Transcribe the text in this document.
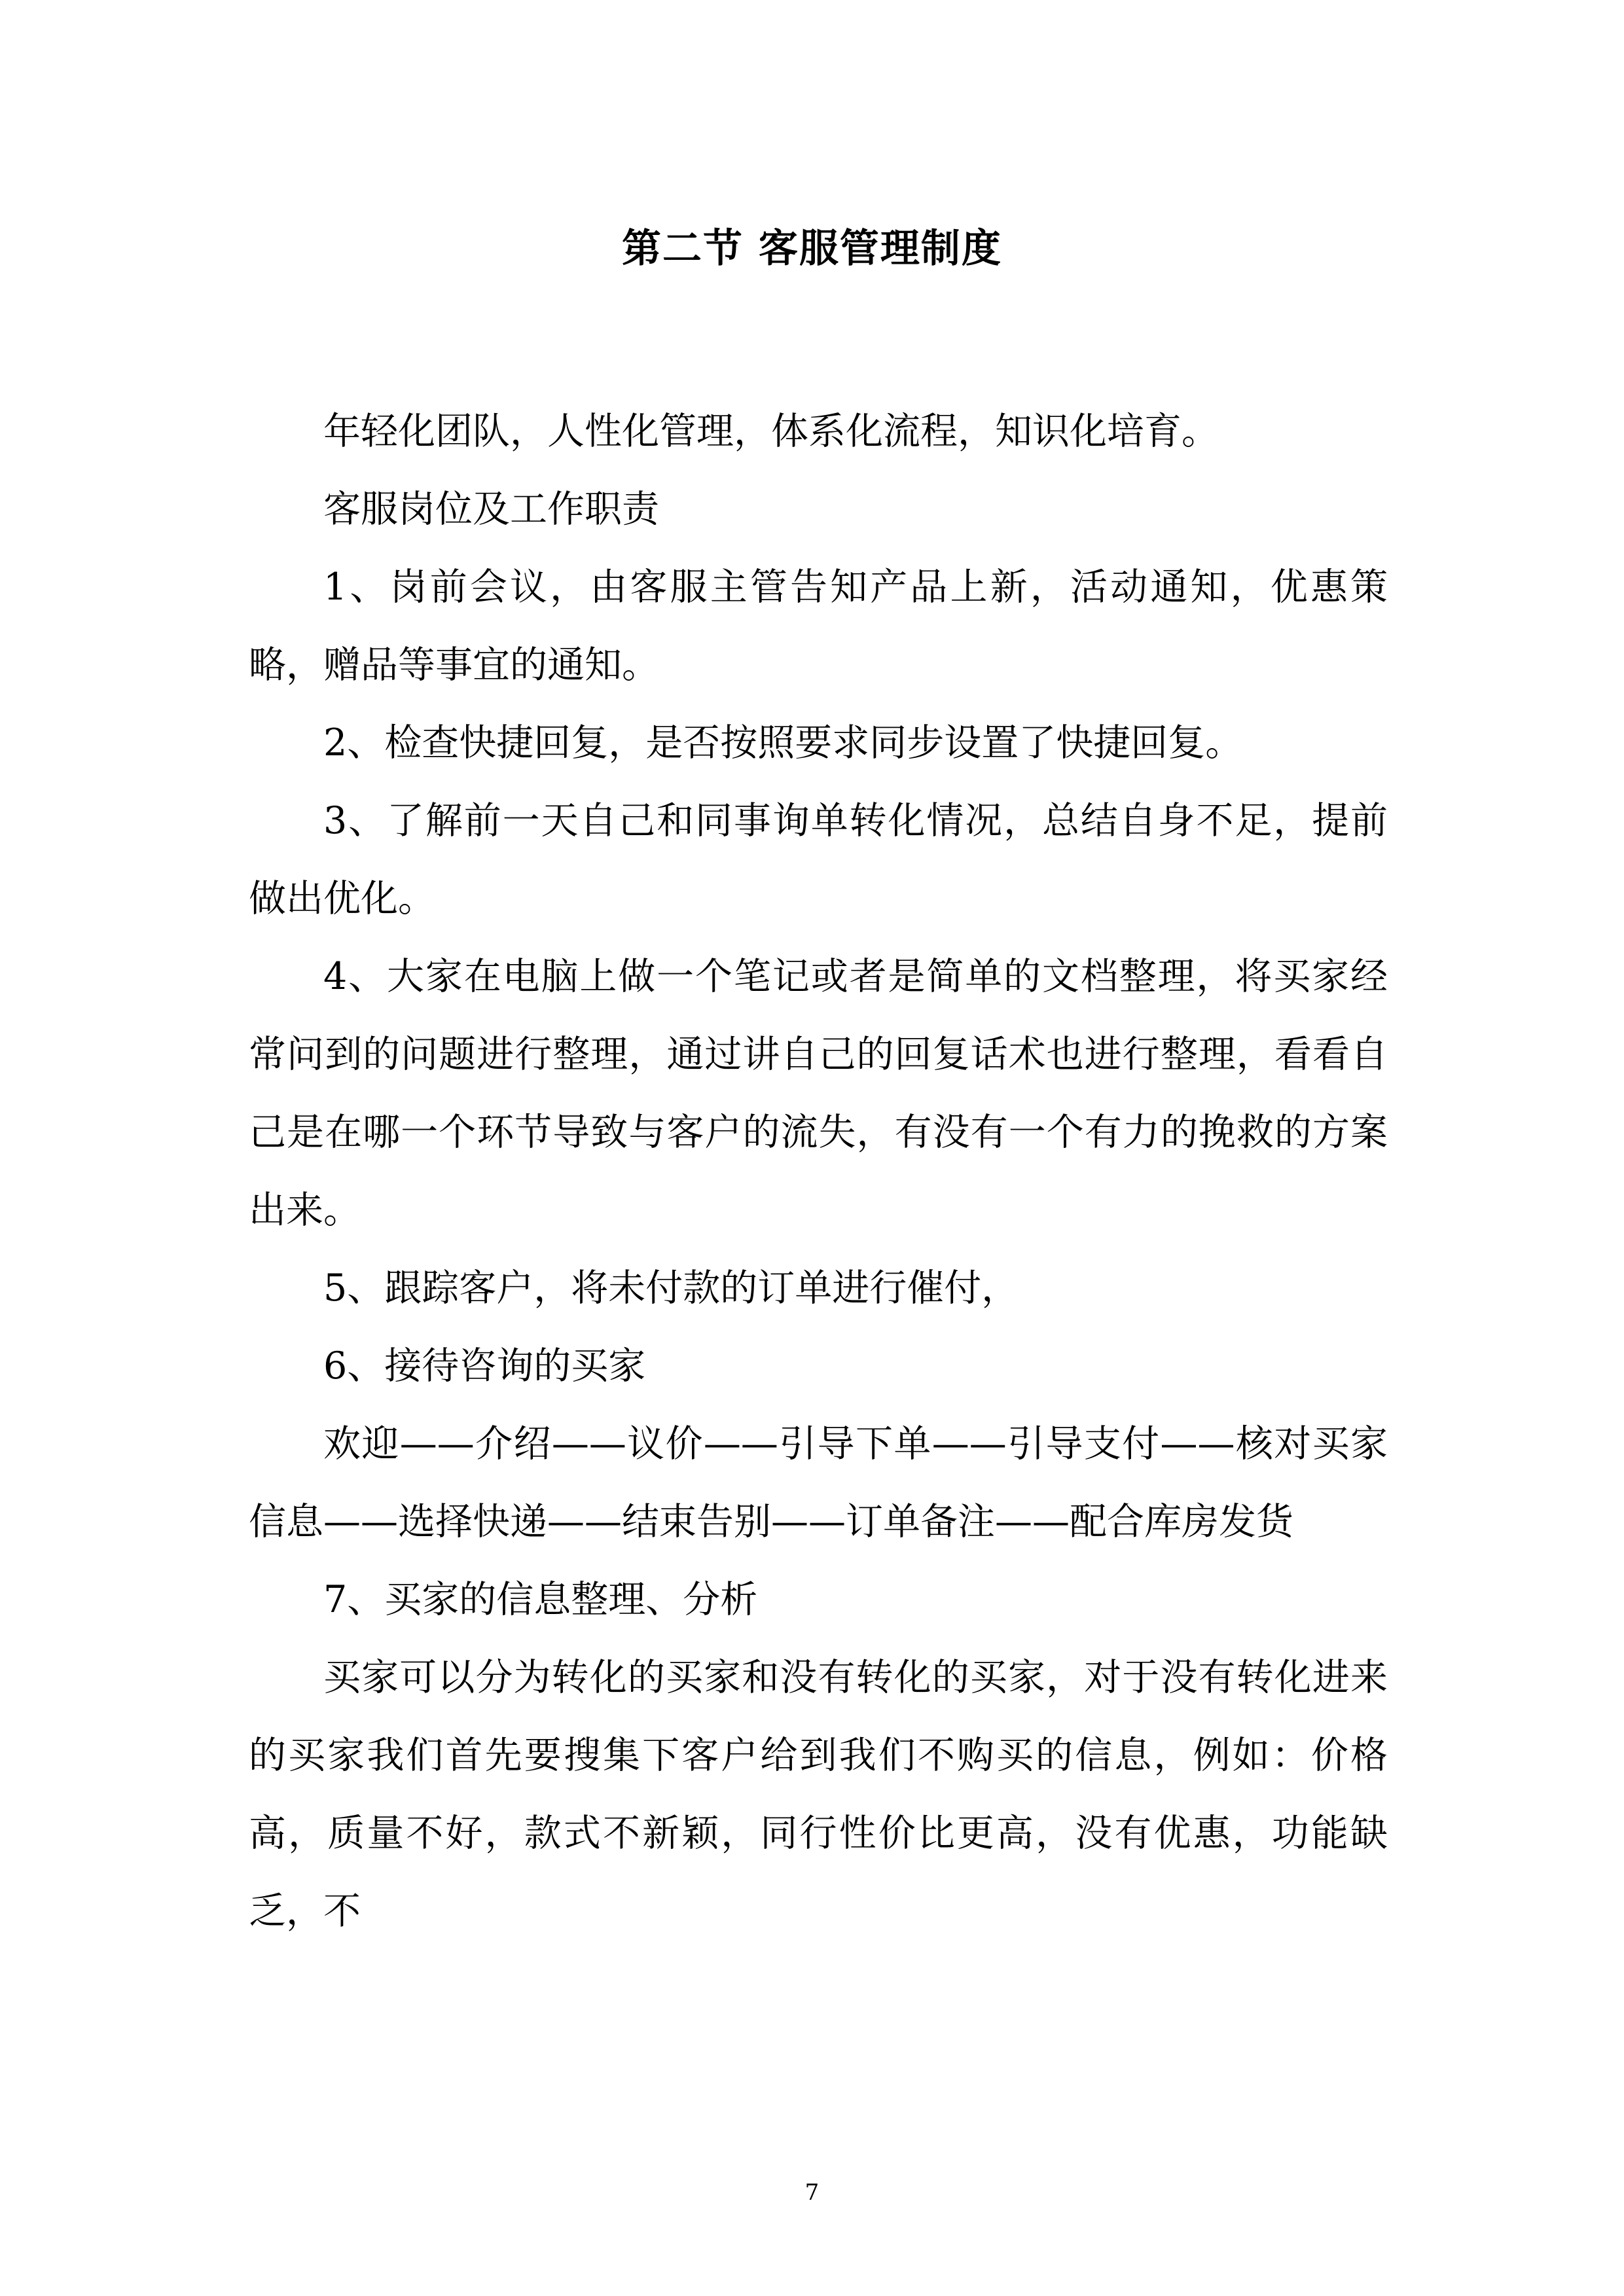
第二节 客服管理制度

年轻化团队，人性化管理，体系化流程，知识化培育。

客服岗位及工作职责

1、岗前会议，由客服主管告知产品上新，活动通知，优惠策略，赠品等事宜的通知。

2、检查快捷回复，是否按照要求同步设置了快捷回复。

3、了解前一天自己和同事询单转化情况，总结自身不足，提前做出优化。

4、大家在电脑上做一个笔记或者是简单的文档整理，将买家经常问到的问题进行整理，通过讲自己的回复话术也进行整理，看看自己是在哪一个环节导致与客户的流失，有没有一个有力的挽救的方案出来。

5、跟踪客户，将未付款的订单进行催付，

6、接待咨询的买家

欢迎——介绍——议价——引导下单——引导支付——核对买家信息——选择快递——结束告别——订单备注——配合库房发货

7、买家的信息整理、分析

买家可以分为转化的买家和没有转化的买家，对于没有转化进来的买家我们首先要搜集下客户给到我们不购买的信息，例如：价格高，质量不好，款式不新颖，同行性价比更高，没有优惠，功能缺乏，不

7
